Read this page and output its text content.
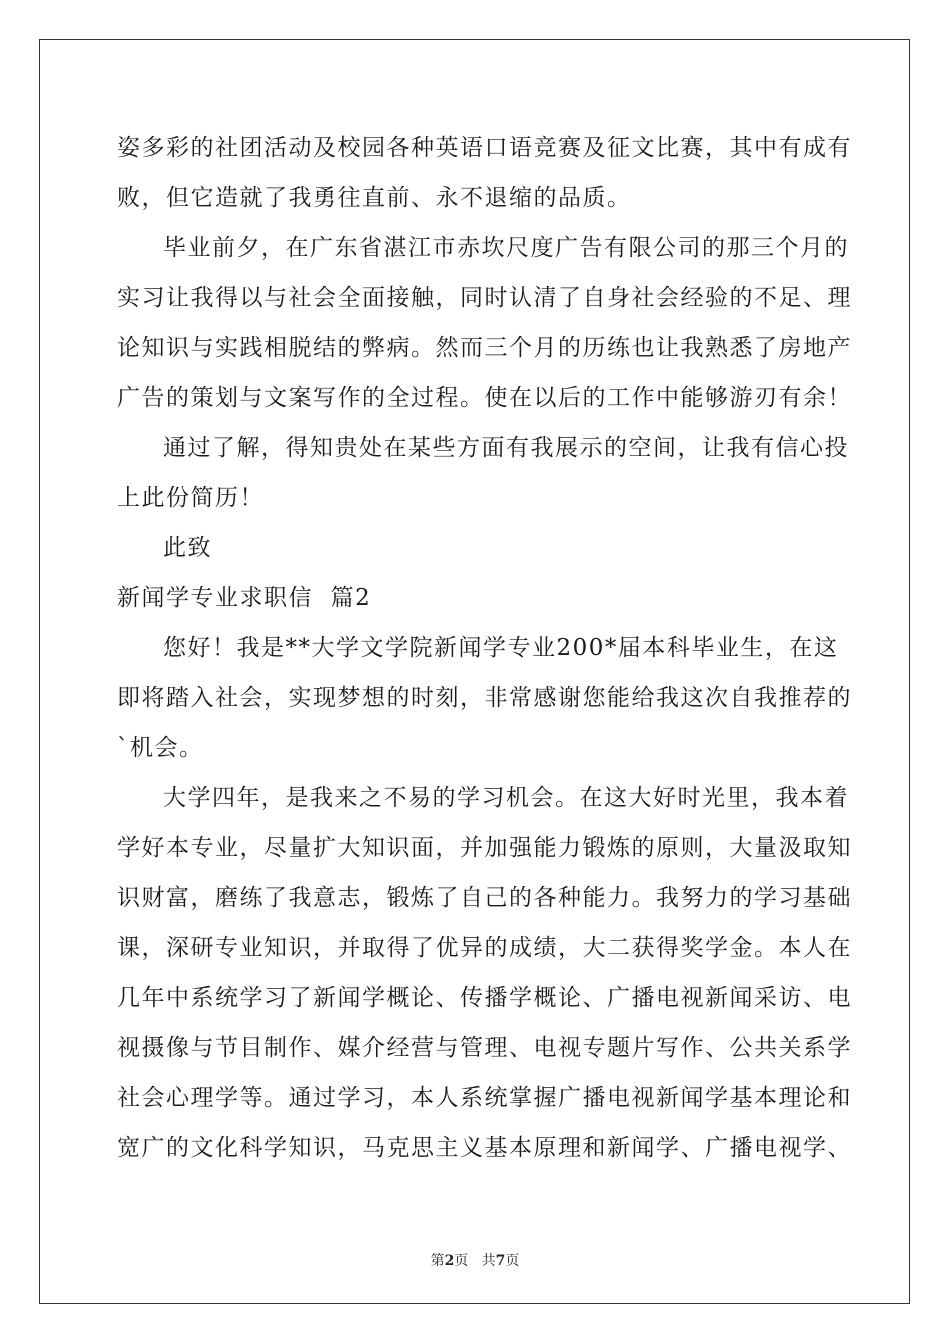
姿多彩的社团活动及校园各种英语口语竞赛及征文比赛，其中有成有
败，但它造就了我勇往直前、永不退缩的品质。
毕业前夕，在广东省湛江市赤坎尺度广告有限公司的那三个月的
实习让我得以与社会全面接触，同时认清了自身社会经验的不足、理
论知识与实践相脱结的弊病。然而三个月的历练也让我熟悉了房地产
广告的策划与文案写作的全过程。使在以后的工作中能够游刃有余！
通过了解，得知贵处在某些方面有我展示的空间，让我有信心投
上此份简历！
此致
新闻学专业求职信  篇2
您好！我是**大学文学院新闻学专业200*届本科毕业生，在这
即将踏入社会，实现梦想的时刻，非常感谢您能给我这次自我推荐的
`机会。
大学四年，是我来之不易的学习机会。在这大好时光里，我本着
学好本专业，尽量扩大知识面，并加强能力锻炼的原则，大量汲取知
识财富，磨练了我意志，锻炼了自己的各种能力。我努力的学习基础
课，深研专业知识，并取得了优异的成绩，大二获得奖学金。本人在
几年中系统学习了新闻学概论、传播学概论、广播电视新闻采访、电
视摄像与节目制作、媒介经营与管理、电视专题片写作、公共关系学
社会心理学等。通过学习，本人系统掌握广播电视新闻学基本理论和
宽广的文化科学知识，马克思主义基本原理和新闻学、广播电视学、
第2页 共7页
